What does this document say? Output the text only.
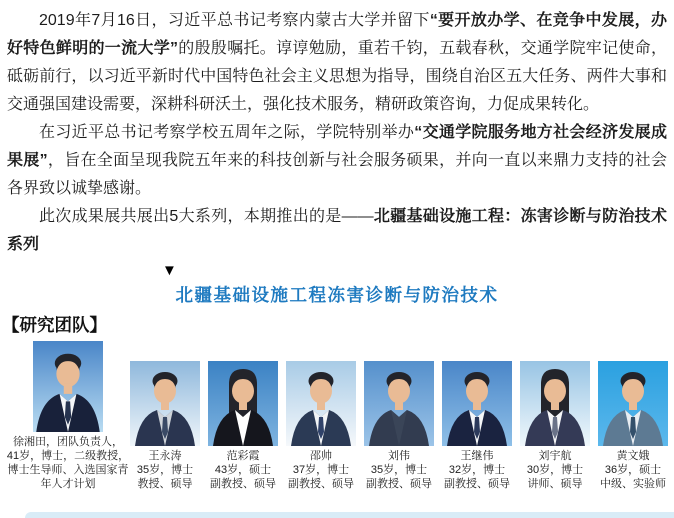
2019年7月16日，习近平总书记考察内蒙古大学并留下“要开放办学、在竞争中发展，办好特色鲜明的一流大学”的殷殷嘱托。谆谆勉励，重若千钧，五载春秋，交通学院牢记使命，砥砺前行，以习近平新时代中国特色社会主义思想为指导，围绕自治区五大任务、两件大事和交通强国建设需要，深耕科研沃土，强化技术服务，精研政策咨询，力促成果转化。

在习近平总书记考察学校五周年之际，学院特别举办“交通学院服务地方社会经济发展成果展”，旨在全面呈现我院五年来的科技创新与社会服务硕果，并向一直以来鼎力支持的社会各界致以诚挚感谢。

此次成果展共展出5大系列，本期推出的是——北疆基础设施工程：冻害诊断与防治技术系列

▼
北疆基础设施工程冻害诊断与防治技术
【研究团队】
徐湘田，团队负责人，
41岁，博士，二级教授，
博士生导师、入选国家青
年人才计划
王永涛
35岁，博士
教授、硕导
范彩霞
43岁，硕士
副教授、硕导
邵帅
37岁，博士
副教授、硕导
刘伟
35岁，博士
副教授、硕导
王继伟
32岁，博士
副教授、硕导
刘宇航
30岁，博士
讲师、硕导
黄文娥
36岁，硕士
中级、实验师
